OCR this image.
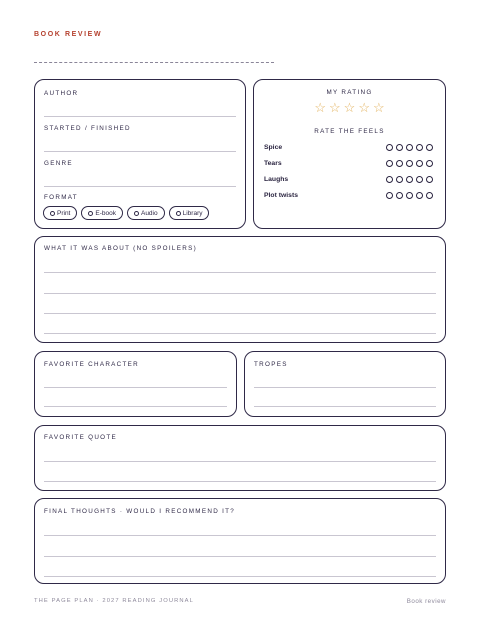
BOOK REVIEW
AUTHOR
STARTED / FINISHED
GENRE
FORMAT
Print	E-book	Audio	Library
MY RATING
☆ ☆ ☆ ☆ ☆
RATE THE FEELS
Spice
Tears
Laughs
Plot twists
WHAT IT WAS ABOUT (NO SPOILERS)
FAVORITE CHARACTER	TROPES
FAVORITE QUOTE
FINAL THOUGHTS · WOULD I RECOMMEND IT?
THE PAGE PLAN · 2027 READING JOURNAL	Book review
